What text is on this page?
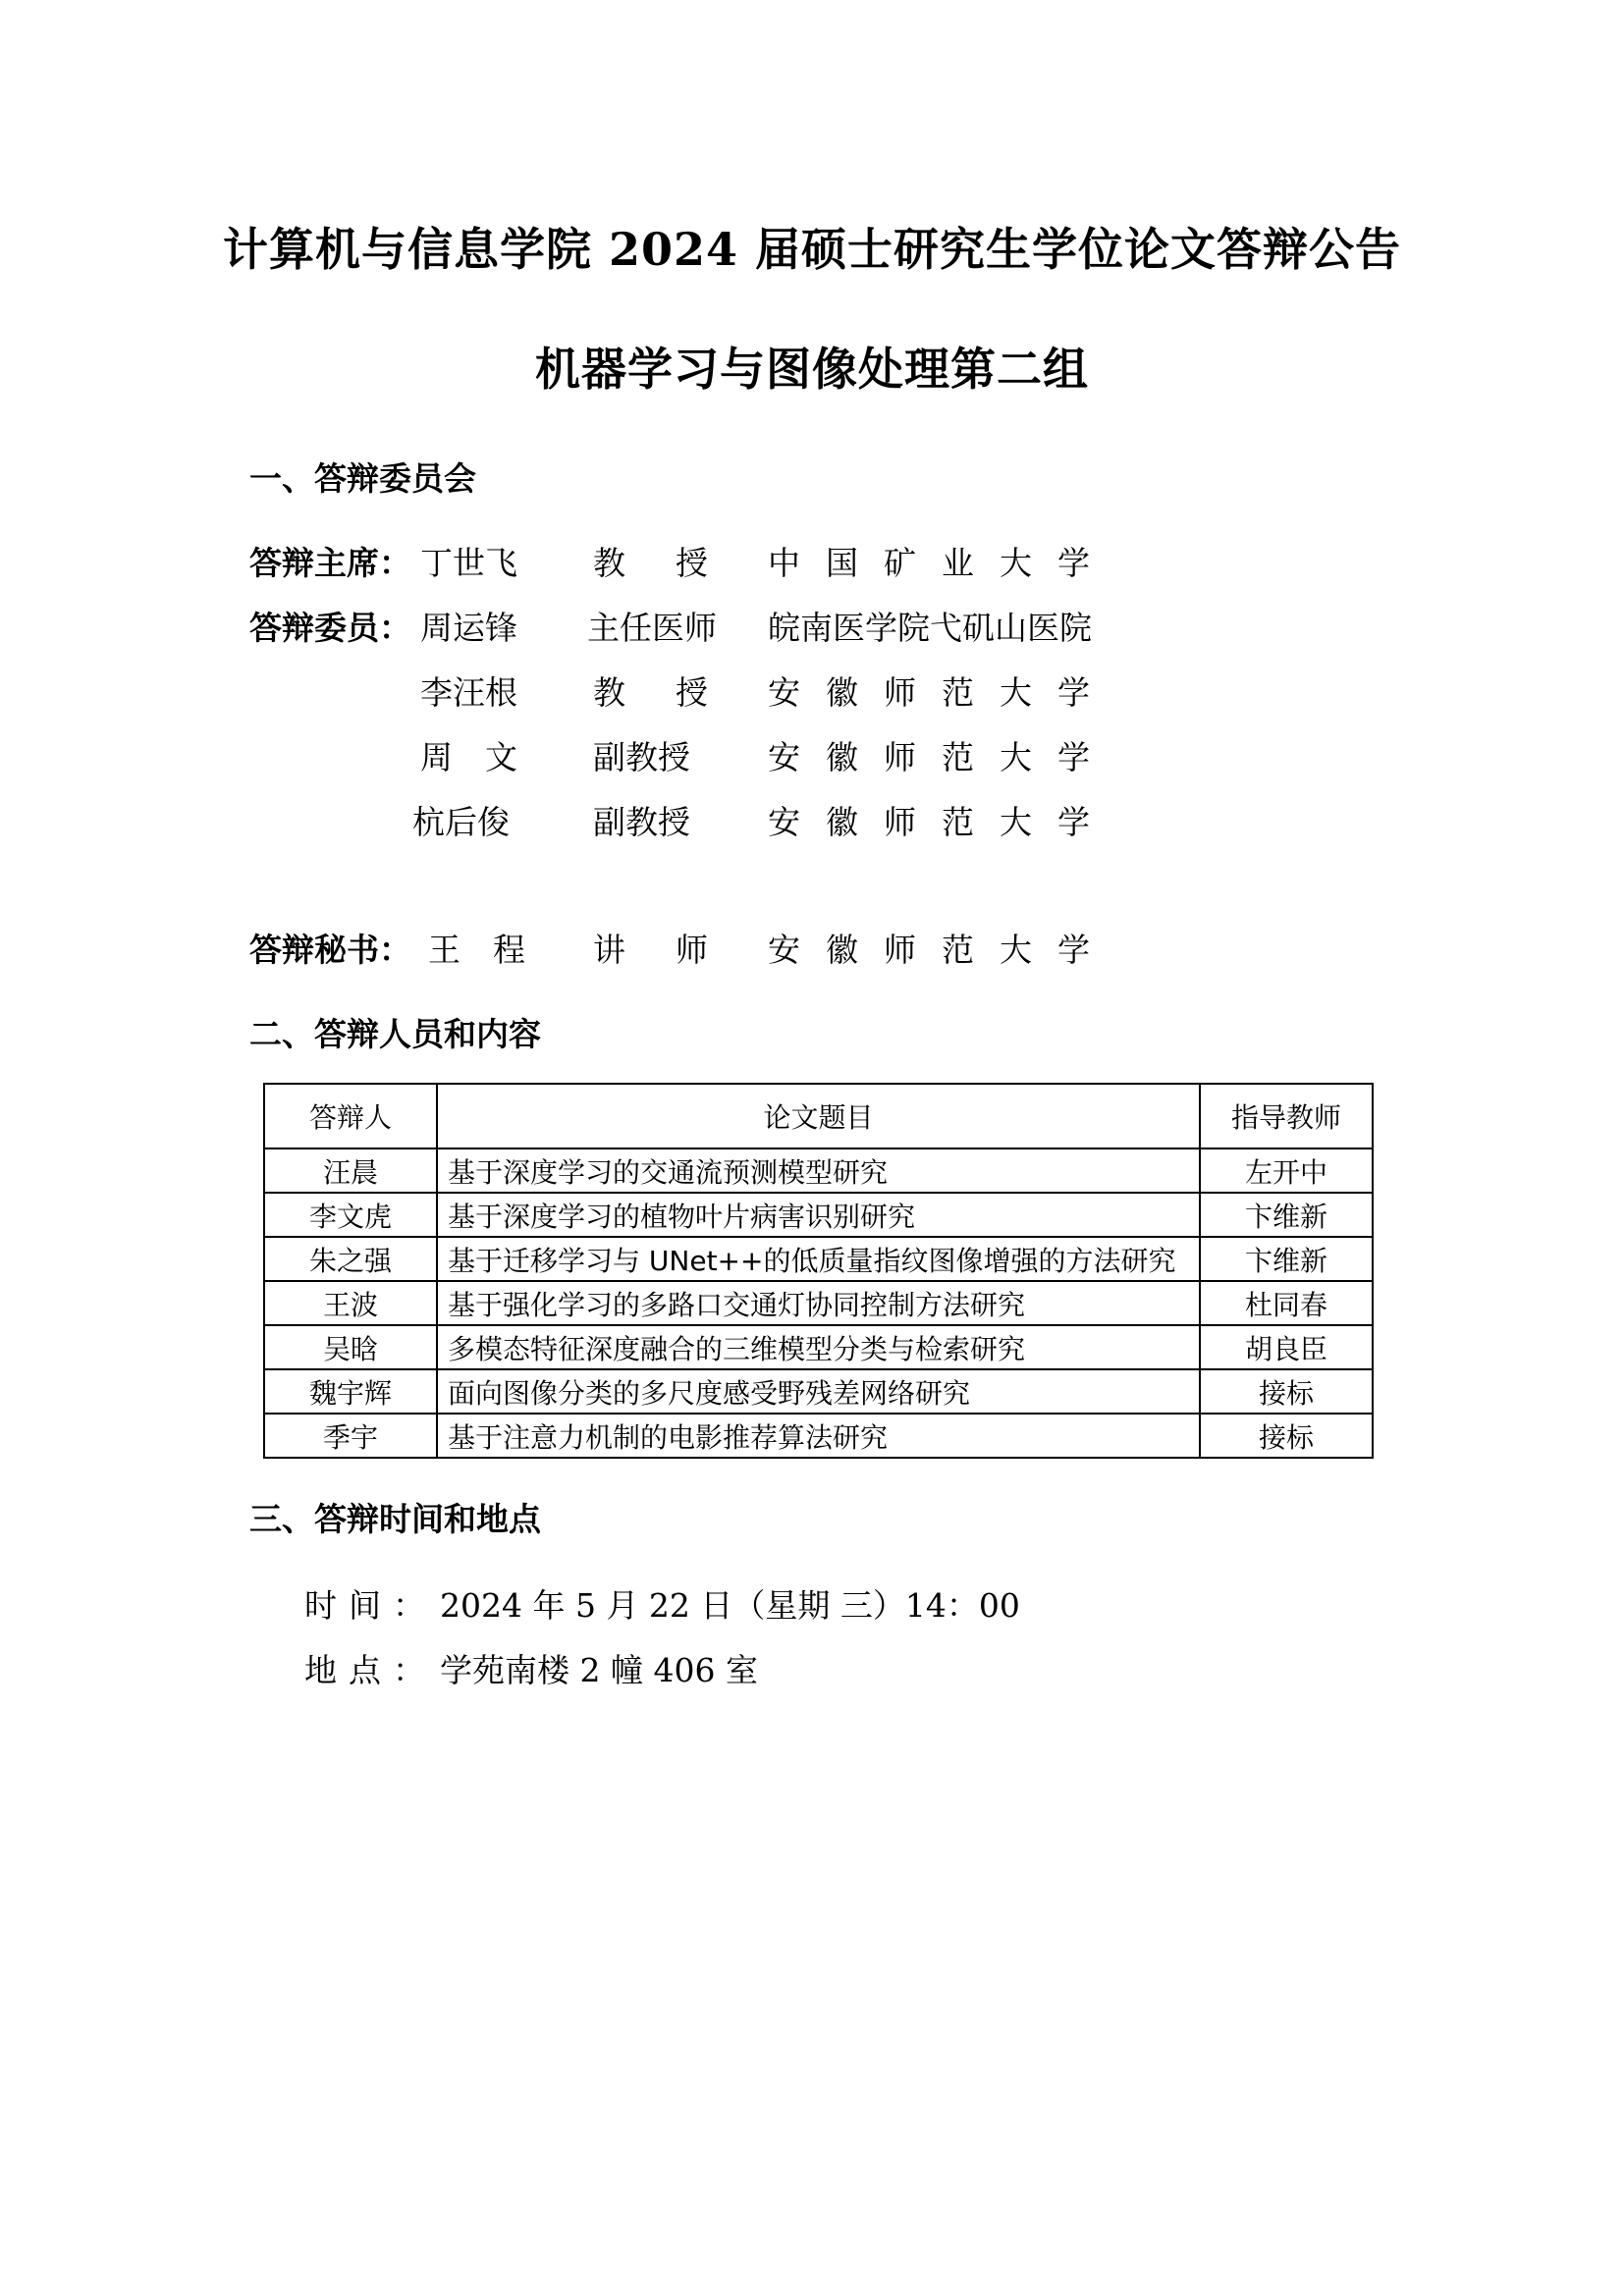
计算机与信息学院 2024 届硕士研究生学位论文答辩公告
机器学习与图像处理第二组
一、答辩委员会
答辩主席： 丁世飞 教　授 中国矿业大学
答辩委员： 周运锋 主任医师 皖南医学院弋矶山医院
李汪根 教　授 安徽师范大学
周　文 副教授 安徽师范大学
杭后俊	副教授 安徽师范大学
答辩秘书： 王　程 讲　师 安徽师范大学
二、答辩人员和内容
答辩人	论文题目	指导教师
汪晨	基于深度学习的交通流预测模型研究	左开中
李文虎	基于深度学习的植物叶片病害识别研究	卞维新
朱之强	基于迁移学习与 UNet++的低质量指纹图像增强的方法研究	卞维新
王波	基于强化学习的多路口交通灯协同控制方法研究	杜同春
吴晗	多模态特征深度融合的三维模型分类与检索研究	胡良臣
魏宇辉	面向图像分类的多尺度感受野残差网络研究	接标
季宇	基于注意力机制的电影推荐算法研究	接标
三、答辩时间和地点
时间：2024 年 5 月 22 日（星期 三）14：00
地点：学苑南楼 2 幢 406 室
